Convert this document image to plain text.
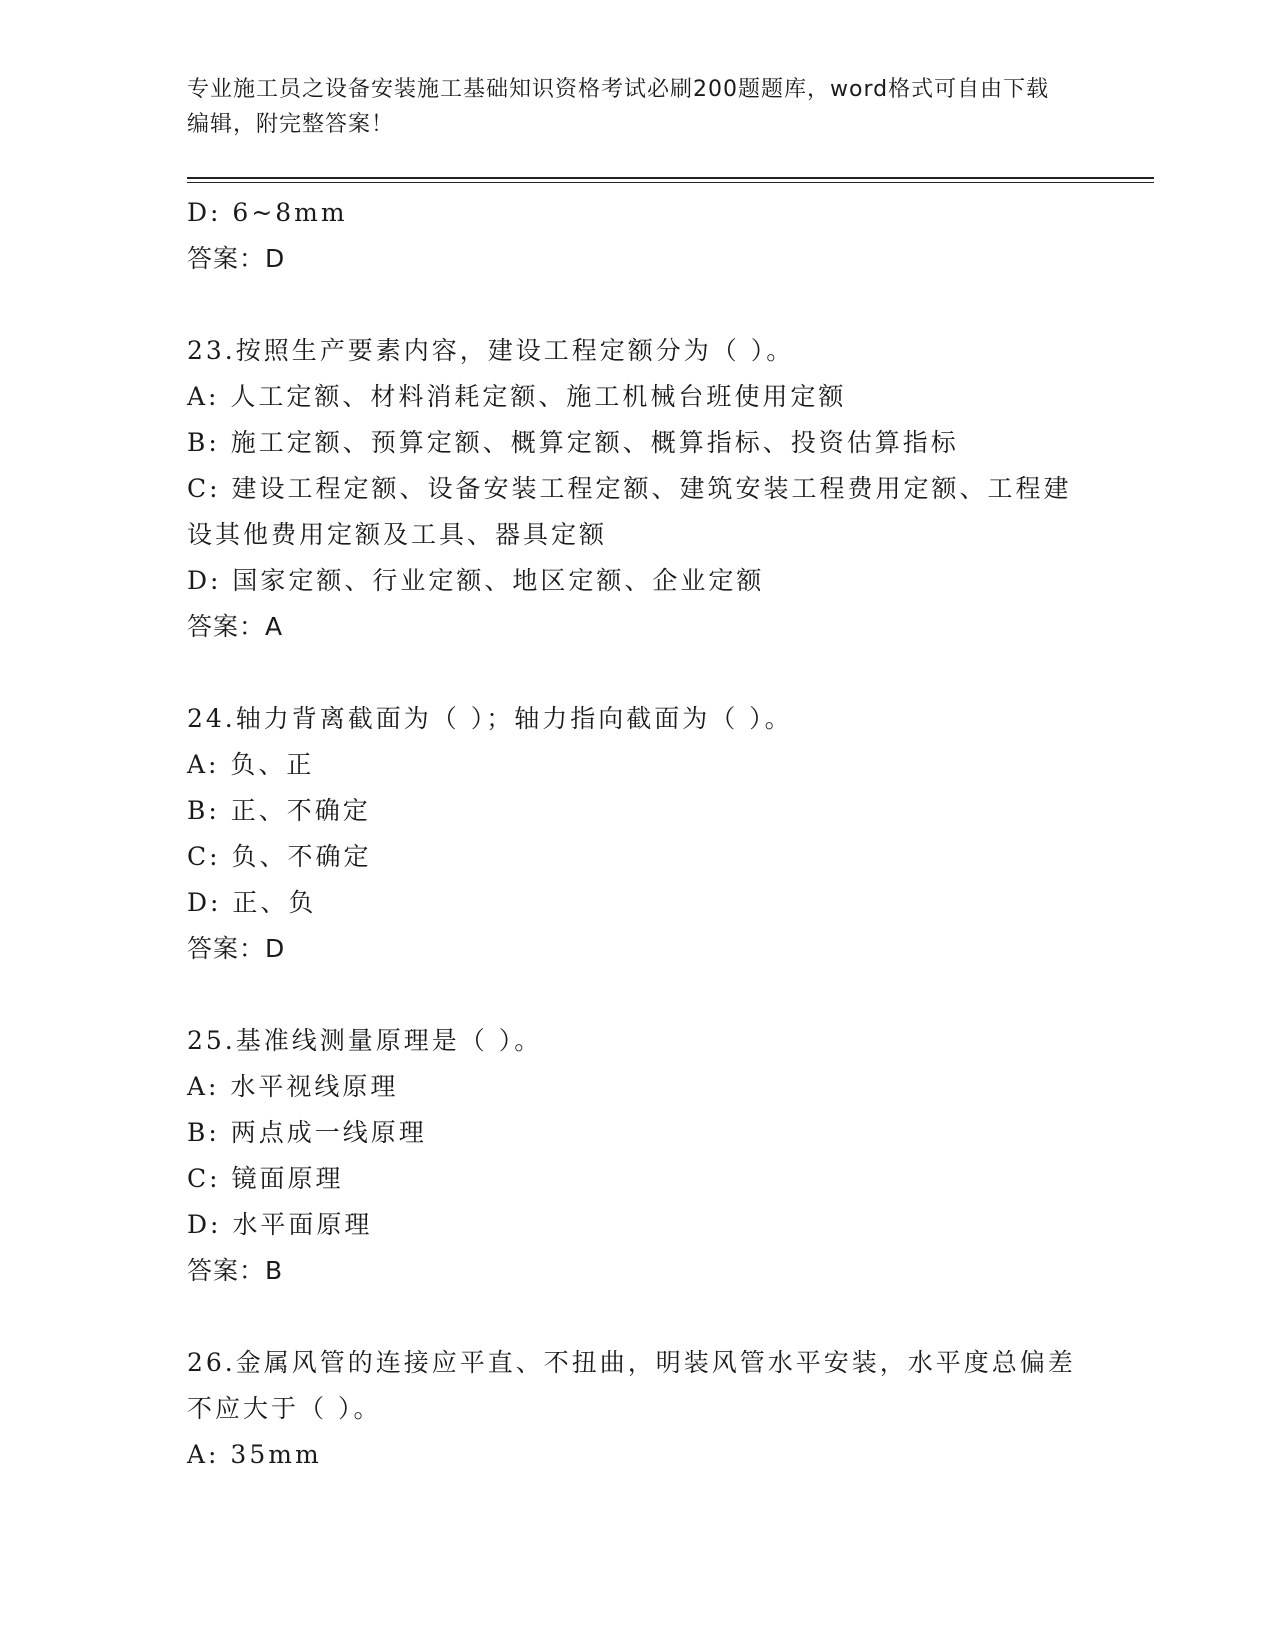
专业施工员之设备安装施工基础知识资格考试必刷200题题库，word格式可自由下载编辑，附完整答案！

D: 6~8mm

答案：D

23.按照生产要素内容，建设工程定额分为（ ）。

A: 人工定额、材料消耗定额、施工机械台班使用定额

B: 施工定额、预算定额、概算定额、概算指标、投资估算指标

C: 建设工程定额、设备安装工程定额、建筑安装工程费用定额、工程建设其他费用定额及工具、器具定额

D: 国家定额、行业定额、地区定额、企业定额

答案：A

24.轴力背离截面为（ ）；轴力指向截面为（ ）。

A: 负、正

B: 正、不确定

C: 负、不确定

D: 正、负

答案：D

25.基准线测量原理是（ ）。

A: 水平视线原理

B: 两点成一线原理

C: 镜面原理

D: 水平面原理

答案：B

26.金属风管的连接应平直、不扭曲，明装风管水平安装，水平度总偏差不应大于（ ）。

A: 35mm
